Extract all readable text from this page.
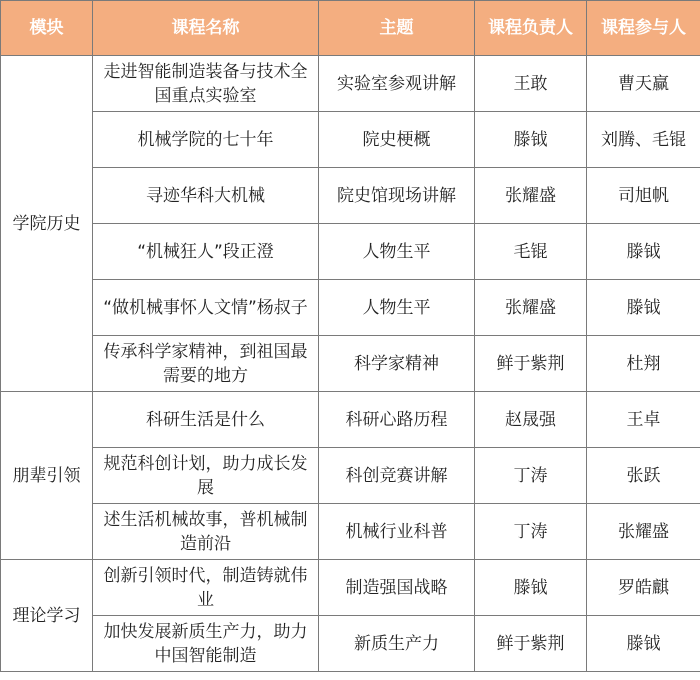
模块	课程名称	主题	课程负责人	课程参与人
学院历史	走进智能制造装备与技术全国重点实验室	实验室参观讲解	王敢	曹天赢
	机械学院的七十年	院史梗概	滕钺	刘腾、毛锟
	寻迹华科大机械	院史馆现场讲解	张耀盛	司旭帆
	“机械狂人”段正澄	人物生平	毛锟	滕钺
	“做机械事怀人文情”杨叔子	人物生平	张耀盛	滕钺
	传承科学家精神，到祖国最需要的地方	科学家精神	鲜于紫荆	杜翔
朋辈引领	科研生活是什么	科研心路历程	赵晟强	王卓
	规范科创计划，助力成长发展	科创竞赛讲解	丁涛	张跃
	述生活机械故事，普机械制造前沿	机械行业科普	丁涛	张耀盛
理论学习	创新引领时代，制造铸就伟业	制造强国战略	滕钺	罗皓麒
	加快发展新质生产力，助力中国智能制造	新质生产力	鲜于紫荆	滕钺
